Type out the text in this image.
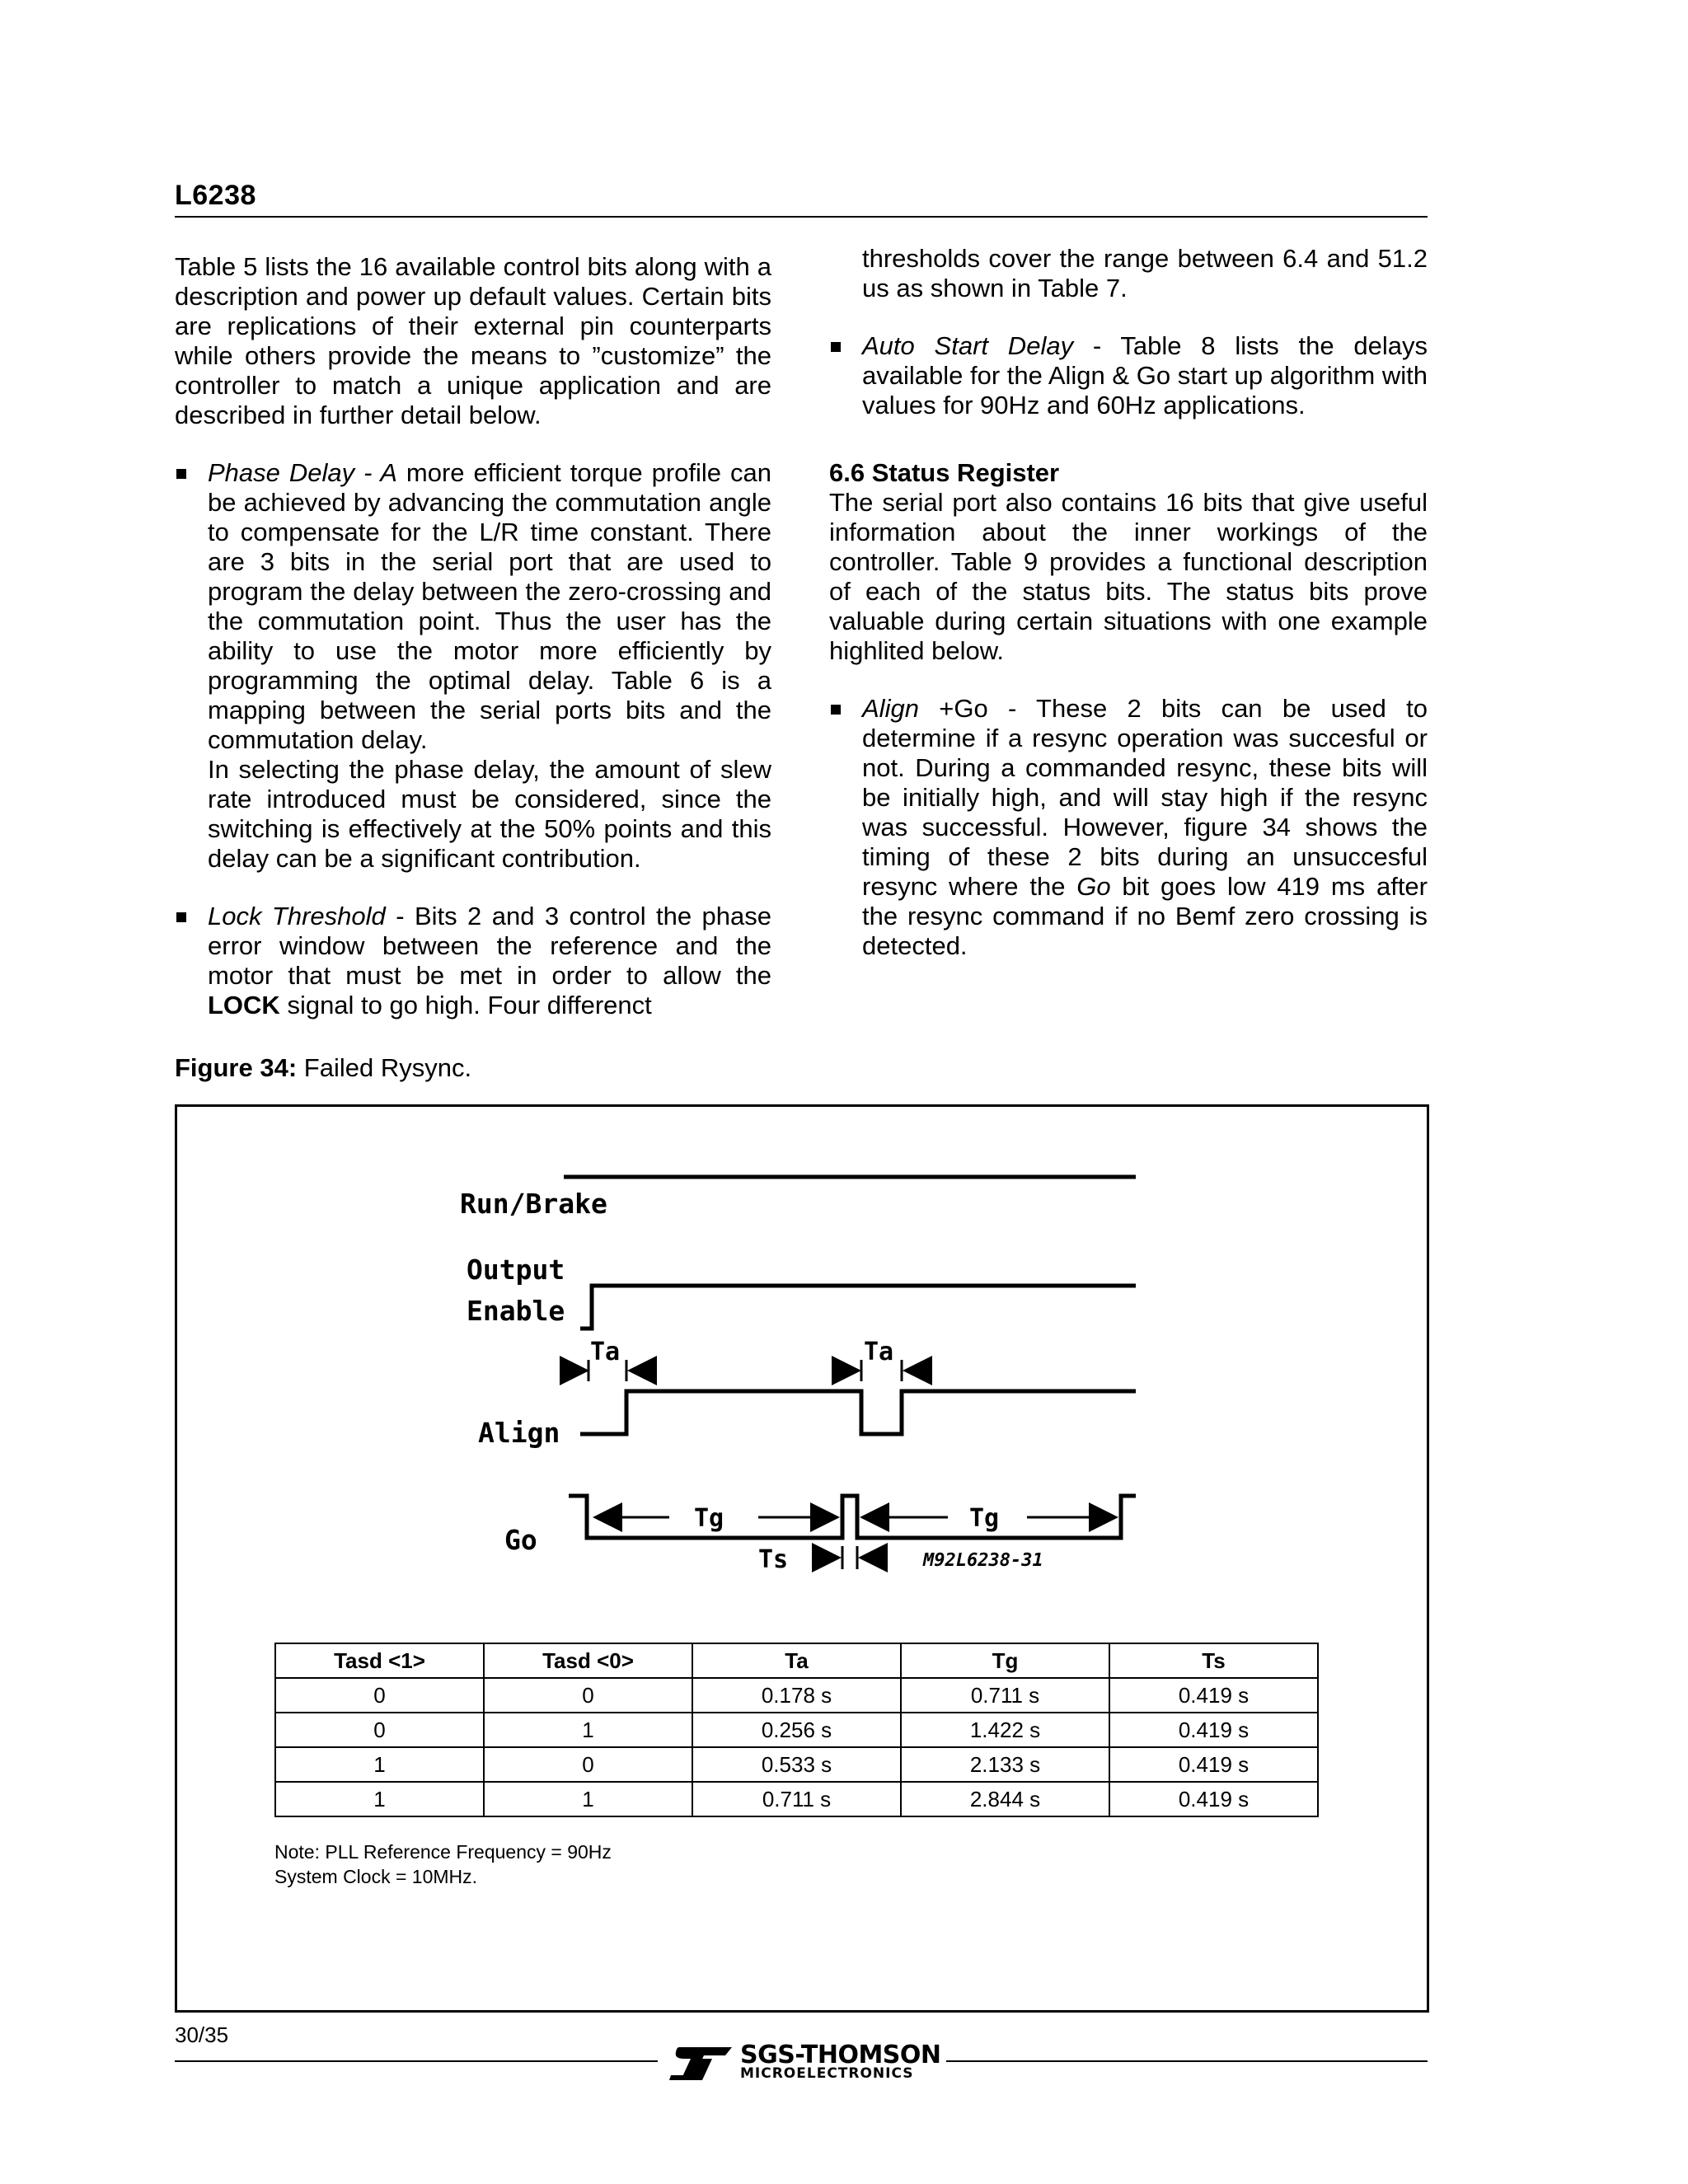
L6238

Table 5 lists the 16 available control bits along with a description and power up default values. Certain bits are replications of their external pin counterparts while others provide the means to ”customize” the controller to match a unique application and are described in further detail below.

Phase Delay - A more efficient torque profile can be achieved by advancing the commutation angle to compensate for the L/R time constant. There are 3 bits in the serial port that are used to program the delay between the zero-crossing and the commutation point. Thus the user has the ability to use the motor more efficiently by programming the optimal delay. Table 6 is a mapping between the serial ports bits and the commutation delay.

In selecting the phase delay, the amount of slew rate introduced must be considered, since the switching is effectively at the 50% points and this delay can be a significant contribution.

Lock Threshold - Bits 2 and 3 control the phase error window between the reference and the motor that must be met in order to allow the LOCK signal to go high. Four differenct

thresholds cover the range between 6.4 and 51.2 us as shown in Table 7.

Auto Start Delay - Table 8 lists the delays available for the Align & Go start up algorithm with values for 90Hz and 60Hz applications.

6.6 Status Register

The serial port also contains 16 bits that give useful information about the inner workings of the controller. Table 9 provides a functional description of each of the status bits. The status bits prove valuable during certain situations with one example highlited below.

Align +Go - These 2 bits can be used to determine if a resync operation was succesful or not. During a commanded resync, these bits will be initially high, and will stay high if the resync was successful. However, figure 34 shows the timing of these 2 bits during an unsuccesful resync where the Go bit goes low 419 ms after the resync command if no Bemf zero crossing is detected.

Figure 34: Failed Rysync.
Run/Brake
Output
Enable
Align
Go
Ta	Ta
Tg	Tg
Ts	M92L6238-31
Tasd <1>	Tasd <0>	Ta	Tg	Ts
0	0	0.178 s	0.711 s	0.419 s
0	1	0.256 s	1.422 s	0.419 s
1	0	0.533 s	2.133 s	0.419 s
1	1	0.711 s	2.844 s	0.419 s
Note: PLL Reference Frequency = 90Hz
System Clock = 10MHz.
30/35
SGS-THOMSON
MICROELECTRONICS
